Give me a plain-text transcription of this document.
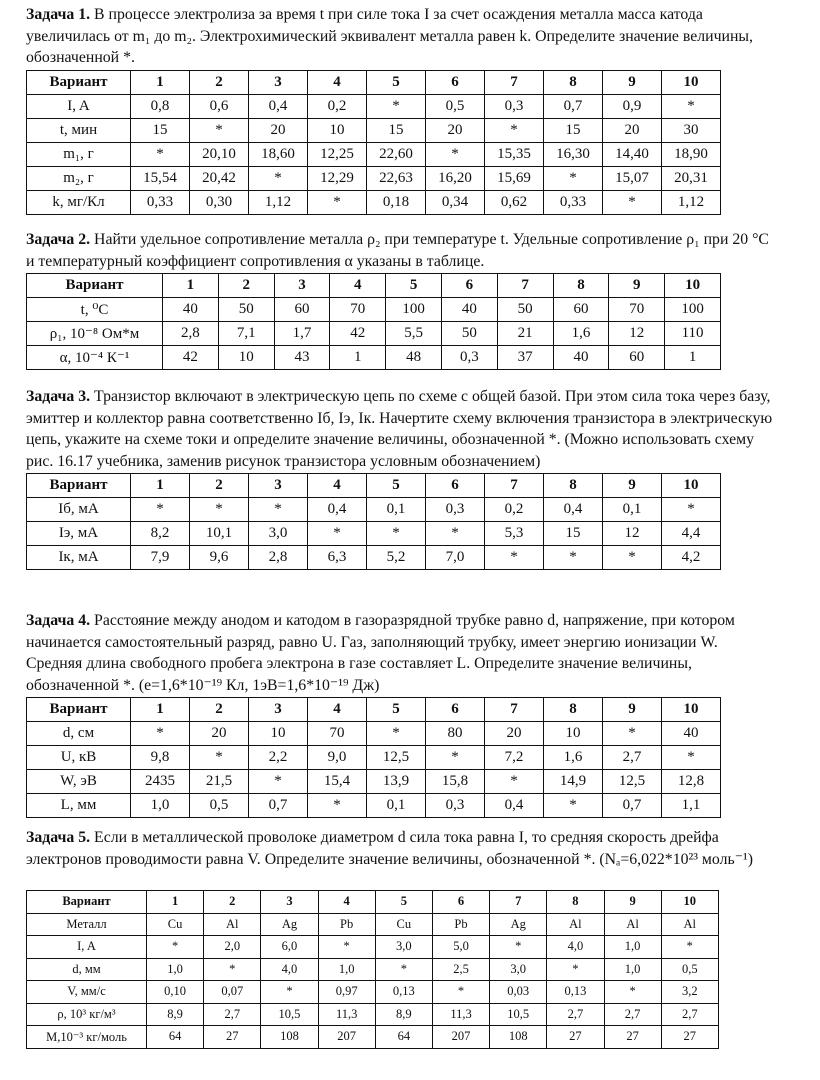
Задача 1. В процессе электролиза за время t при силе тока I за счет осаждения металла масса катода увеличилась от m₁ до m₂. Электрохимический эквивалент металла равен k. Определите значение величины, обозначенной *.

Вариант	1	2	3	4	5	6	7	8	9	10
I, A	0,8	0,6	0,4	0,2	*	0,5	0,3	0,7	0,9	*
t, мин	15	*	20	10	15	20	*	15	20	30
m₁, г	*	20,10	18,60	12,25	22,60	*	15,35	16,30	14,40	18,90
m₂, г	15,54	20,42	*	12,29	22,63	16,20	15,69	*	15,07	20,31
k, мг/Кл	0,33	0,30	1,12	*	0,18	0,34	0,62	0,33	*	1,12

Задача 2. Найти удельное сопротивление металла ρ₂ при температуре t. Удельные сопротивление ρ₁ при 20 °C и температурный коэффициент сопротивления α указаны в таблице.

Вариант	1	2	3	4	5	6	7	8	9	10
t, ⁰С	40	50	60	70	100	40	50	60	70	100
ρ₁, 10⁻⁸ Ом*м	2,8	7,1	1,7	42	5,5	50	21	1,6	12	110
α, 10⁻⁴ К⁻¹	42	10	43	1	48	0,3	37	40	60	1

Задача 3. Транзистор включают в электрическую цепь по схеме с общей базой. При этом сила тока через базу, эмиттер и коллектор равна соответственно Iб, Iэ, Iк. Начертите схему включения транзистора в электрическую цепь, укажите на схеме токи и определите значение величины, обозначенной *. (Можно использовать схему рис. 16.17 учебника, заменив рисунок транзистора условным обозначением)

Вариант	1	2	3	4	5	6	7	8	9	10
Iб, мА	*	*	*	0,4	0,1	0,3	0,2	0,4	0,1	*
Iэ, мА	8,2	10,1	3,0	*	*	*	5,3	15	12	4,4
Iк, мА	7,9	9,6	2,8	6,3	5,2	7,0	*	*	*	4,2

Задача 4. Расстояние между анодом и катодом в газоразрядной трубке равно d, напряжение, при котором начинается самостоятельный разряд, равно U. Газ, заполняющий трубку, имеет энергию ионизации W. Средняя длина свободного пробега электрона в газе составляет L. Определите значение величины, обозначенной *. (е=1,6*10⁻¹⁹ Кл, 1эВ=1,6*10⁻¹⁹ Дж)

Вариант	1	2	3	4	5	6	7	8	9	10
d, см	*	20	10	70	*	80	20	10	*	40
U, кВ	9,8	*	2,2	9,0	12,5	*	7,2	1,6	2,7	*
W, эВ	2435	21,5	*	15,4	13,9	15,8	*	14,9	12,5	12,8
L, мм	1,0	0,5	0,7	*	0,1	0,3	0,4	*	0,7	1,1

Задача 5. Если в металлической проволоке диаметром d сила тока равна I, то средняя скорость дрейфа электронов проводимости равна V. Определите значение величины, обозначенной *. (Nₐ=6,022*10²³ моль⁻¹)

Вариант	1	2	3	4	5	6	7	8	9	10
Металл	Cu	Al	Ag	Pb	Cu	Pb	Ag	Al	Al	Al
I, A	*	2,0	6,0	*	3,0	5,0	*	4,0	1,0	*
d, мм	1,0	*	4,0	1,0	*	2,5	3,0	*	1,0	0,5
V, мм/с	0,10	0,07	*	0,97	0,13	*	0,03	0,13	*	3,2
ρ, 10³ кг/м³	8,9	2,7	10,5	11,3	8,9	11,3	10,5	2,7	2,7	2,7
M,10⁻³ кг/моль	64	27	108	207	64	207	108	27	27	27
